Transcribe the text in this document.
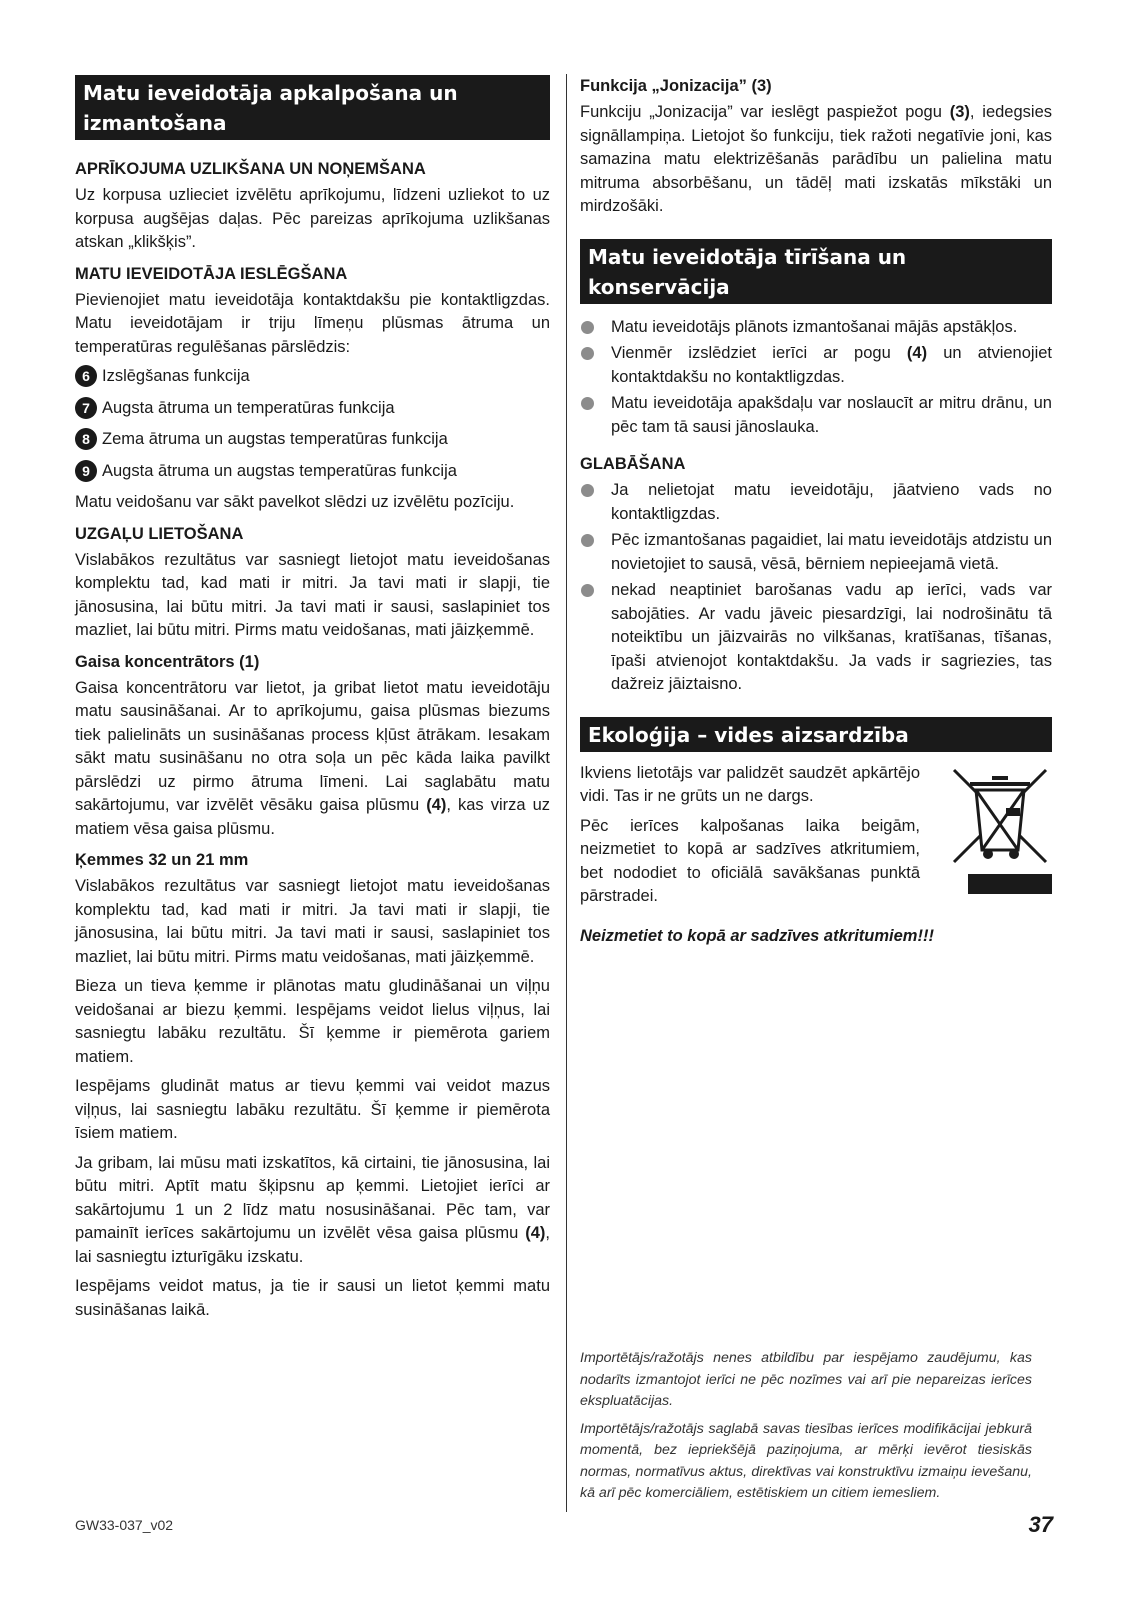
Matu ieveidotāja apkalpošana un izmantošana
APRĪKOJUMA UZLIKŠANA UN NOŅEMŠANA

Uz korpusa uzlieciet izvēlētu aprīkojumu, līdzeni uzliekot to uz korpusa augšējas daļas. Pēc pareizas aprīkojuma uzlikšanas atskan „klikšķis”.

MATU IEVEIDOTĀJA IESLĒGŠANA

Pievienojiet matu ieveidotāja kontaktdakšu pie kontaktligzdas. Matu ieveidotājam ir triju līmeņu plūsmas ātruma un temperatūras regulēšanas pārslēdzis:

6 Izslēgšanas funkcija
7 Augsta ātruma un temperatūras funkcija
8 Zema ātruma un augstas temperatūras funkcija
9 Augsta ātruma un augstas temperatūras funkcija

Matu veidošanu var sākt pavelkot slēdzi uz izvēlētu pozīciju.

UZGAĻU LIETOŠANA

Vislabākos rezultātus var sasniegt lietojot matu ieveidošanas komplektu tad, kad mati ir mitri. Ja tavi mati ir slapji, tie jānosusina, lai būtu mitri. Ja tavi mati ir sausi, saslapiniet tos mazliet, lai būtu mitri. Pirms matu veidošanas, mati jāizķemmē.

Gaisa koncentrātors (1)

Gaisa koncentrātoru var lietot, ja gribat lietot matu ieveidotāju matu sausināšanai. Ar to aprīkojumu, gaisa plūsmas biezums tiek palielināts un susināšanas process kļūst ātrākam. Iesakam sākt matu susināšanu no otra soļa un pēc kāda laika pavilkt pārslēdzi uz pirmo ātruma līmeni. Lai saglabātu matu sakārtojumu, var izvēlēt vēsāku gaisa plūsmu (4), kas virza uz matiem vēsa gaisa plūsmu.

Ķemmes 32 un 21 mm

Vislabākos rezultātus var sasniegt lietojot matu ieveidošanas komplektu tad, kad mati ir mitri. Ja tavi mati ir slapji, tie jānosusina, lai būtu mitri. Ja tavi mati ir sausi, saslapiniet tos mazliet, lai būtu mitri. Pirms matu veidošanas, mati jāizķemmē.

Bieza un tieva ķemme ir plānotas matu gludināšanai un viļņu veidošanai ar biezu ķemmi. Iespējams veidot lielus viļņus, lai sasniegtu labāku rezultātu. Šī ķemme ir piemērota gariem matiem.

Iespējams gludināt matus ar tievu ķemmi vai veidot mazus viļņus, lai sasniegtu labāku rezultātu. Šī ķemme ir piemērota īsiem matiem.

Ja gribam, lai mūsu mati izskatītos, kā cirtaini, tie jānosusina, lai būtu mitri. Aptīt matu šķipsnu ap ķemmi. Lietojiet ierīci ar sakārtojumu 1 un 2 līdz matu nosusināšanai. Pēc tam, var pamainīt ierīces sakārtojumu un izvēlēt vēsa gaisa plūsmu (4), lai sasniegtu izturīgāku izskatu.

Iespējams veidot matus, ja tie ir sausi un lietot ķemmi matu susināšanas laikā.

Funkcija „Jonizacija” (3)

Funkciju „Jonizacija” var ieslēgt paspiežot pogu (3), iedegsies signāllampiņa. Lietojot šo funkciju, tiek ražoti negatīvie joni, kas samazina matu elektrizēšanās parādību un palielina matu mitruma absorbēšanu, un tādēļ mati izskatās mīkstāki un mirdzošāki.

Matu ieveidotāja tīrīšana un konservācija
Matu ieveidotājs plānots izmantošanai mājās apstākļos.
Vienmēr izslēdziet ierīci ar pogu (4) un atvienojiet kontaktdakšu no kontaktligzdas.
Matu ieveidotāja apakšdaļu var noslaucīt ar mitru drānu, un pēc tam tā sausi jānoslauka.
GLABĀŠANA
Ja nelietojat matu ieveidotāju, jāatvieno vads no kontaktligzdas.
Pēc izmantošanas pagaidiet, lai matu ieveidotājs atdzistu un novietojiet to sausā, vēsā, bērniem nepieejamā vietā.
nekad neaptiniet barošanas vadu ap ierīci, vads var sabojāties. Ar vadu jāveic piesardzīgi, lai nodrošinātu tā noteiktību un jāizvairās no vilkšanas, kratīšanas, tīšanas, īpaši atvienojot kontaktdakšu. Ja vads ir sagriezies, tas dažreiz jāiztaisno.
Ekoloģija – vides aizsardzība

Ikviens lietotājs var palidzēt saudzēt apkārtējo vidi. Tas ir ne grūts un ne dargs.

Pēc ierīces kalpošanas laika beigām, neizmetiet to kopā ar sadzīves atkritumiem, bet nododiet to oficiālā savākšanas punktā pārstradei.

Neizmetiet to kopā ar sadzīves atkritumiem!!!

Importētājs/ražotājs nenes atbildību par iespējamo zaudējumu, kas nodarīts izmantojot ierīci ne pēc nozīmes vai arī pie nepareizas ierīces ekspluatācijas.

Importētājs/ražotājs saglabā savas tiesības ierīces modifikācijai jebkurā momentā, bez iepriekšējā paziņojuma, ar mērķi ievērot tiesiskās normas, normatīvus aktus, direktīvas vai konstruktīvu izmaiņu ievešanu, kā arī pēc komerciāliem, estētiskiem un citiem iemesliem.

GW33-037_v02	37
